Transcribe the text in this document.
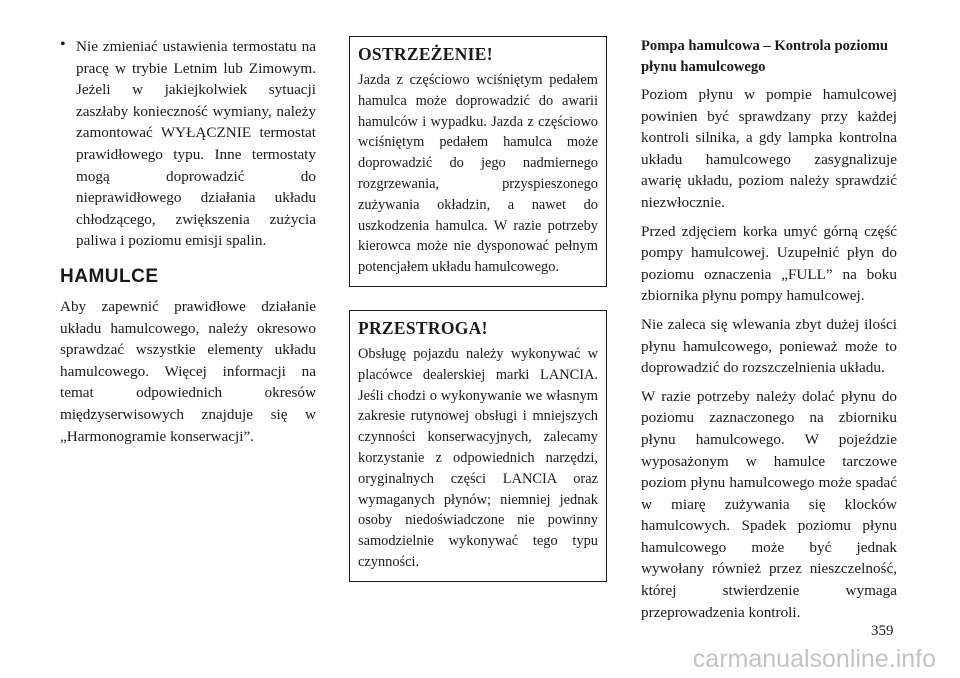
• Nie zmieniać ustawienia termostatu na pracę w trybie Letnim lub Zimowym. Jeżeli w jakiejkolwiek sytuacji zaszłaby konieczność wymiany, należy zamontować WYŁĄCZNIE termostat prawidłowego typu. Inne termostaty mogą doprowadzić do nieprawidłowego działania układu chłodzącego, zwiększenia zużycia paliwa i poziomu emisji spalin.
HAMULCE

Aby zapewnić prawidłowe działanie układu hamulcowego, należy okresowo sprawdzać wszystkie elementy układu hamulcowego. Więcej informacji na temat odpowiednich okresów międzyserwisowych znajduje się w „Harmonogramie konserwacji”.

OSTRZEŻENIE!

Jazda z częściowo wciśniętym pedałem hamulca może doprowadzić do awarii hamulców i wypadku. Jazda z częściowo wciśniętym pedałem hamulca może doprowadzić do jego nadmiernego rozgrzewania, przyspieszonego zużywania okładzin, a nawet do uszkodzenia hamulca. W razie potrzeby kierowca może nie dysponować pełnym potencjałem układu hamulcowego.

PRZESTROGA!

Obsługę pojazdu należy wykonywać w placówce dealerskiej marki LANCIA. Jeśli chodzi o wykonywanie we własnym zakresie rutynowej obsługi i mniejszych czynności konserwacyjnych, zalecamy korzystanie z odpowiednich narzędzi, oryginalnych części LANCIA oraz wymaganych płynów; niemniej jednak osoby niedoświadczone nie powinny samodzielnie wykonywać tego typu czynności.

Pompa hamulcowa – Kontrola poziomu płynu hamulcowego

Poziom płynu w pompie hamulcowej powinien być sprawdzany przy każdej kontroli silnika, a gdy lampka kontrolna układu hamulcowego zasygnalizuje awarię układu, poziom należy sprawdzić niezwłocznie.

Przed zdjęciem korka umyć górną część pompy hamulcowej. Uzupełnić płyn do poziomu oznaczenia „FULL” na boku zbiornika płynu pompy hamulcowej.

Nie zaleca się wlewania zbyt dużej ilości płynu hamulcowego, ponieważ może to doprowadzić do rozszczelnienia układu.

W razie potrzeby należy dolać płynu do poziomu zaznaczonego na zbiorniku płynu hamulcowego. W pojeździe wyposażonym w hamulce tarczowe poziom płynu hamulcowego może spadać w miarę zużywania się klocków hamulcowych. Spadek poziomu płynu hamulcowego może być jednak wywołany również przez nieszczelność, której stwierdzenie wymaga przeprowadzenia kontroli.

359
carmanualsonline.info
